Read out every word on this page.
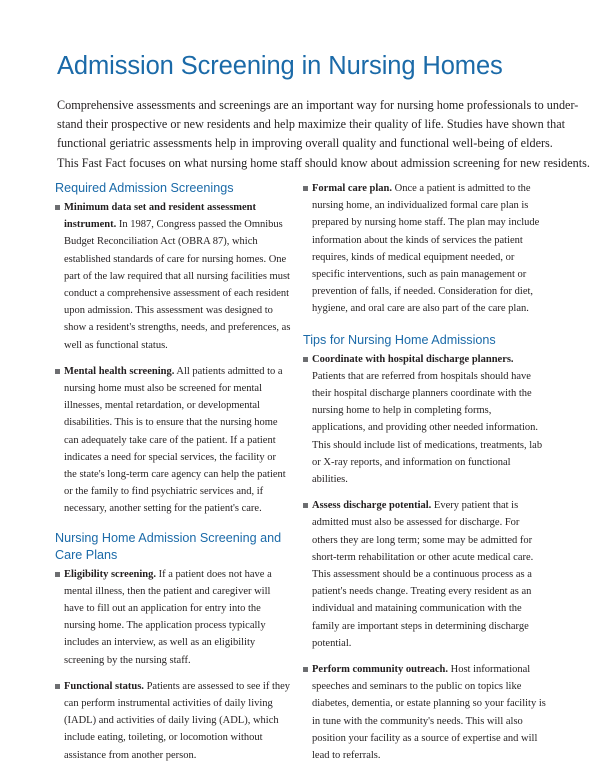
Admission Screening in Nursing Homes

Comprehensive assessments and screenings are an important way for nursing home professionals to under-
stand their prospective or new residents and help maximize their quality of life. Studies have shown that
functional geriatric assessments help in improving overall quality and functional well-being of elders.
This Fast Fact focuses on what nursing home staff should know about admission screening for new residents.

Required Admission Screenings

Minimum data set and resident assessment instrument. In 1987, Congress passed the Omnibus Budget Reconciliation Act (OBRA 87), which established standards of care for nursing homes. One part of the law required that all nursing facilities must conduct a comprehensive assessment of each resident upon admission. This assessment was designed to show a resident's strengths, needs, and preferences, as well as functional status.

Mental health screening. All patients admitted to a nursing home must also be screened for mental illnesses, mental retardation, or developmental disabilities. This is to ensure that the nursing home can adequately take care of the patient. If a patient indicates a need for special services, the facility or the state's long-term care agency can help the patient or the family to find psychiatric services and, if necessary, another setting for the patient's care.

Nursing Home Admission Screening and Care Plans

Eligibility screening. If a patient does not have a mental illness, then the patient and caregiver will have to fill out an application for entry into the nursing home. The application process typically includes an interview, as well as an eligibility screening by the nursing staff.

Functional status. Patients are assessed to see if they can perform instrumental activities of daily living (IADL) and activities of daily living (ADL), which include eating, toileting, or locomotion without assistance from another person.

Formal care plan. Once a patient is admitted to the nursing home, an individualized formal care plan is prepared by nursing home staff. The plan may include information about the kinds of services the patient requires, kinds of medical equipment needed, or specific interventions, such as pain management or prevention of falls, if needed. Consideration for diet, hygiene, and oral care are also part of the care plan.

Tips for Nursing Home Admissions

Coordinate with hospital discharge planners. Patients that are referred from hospitals should have their hospital discharge planners coordinate with the nursing home to help in completing forms, applications, and providing other needed information. This should include list of medications, treatments, lab or X-ray reports, and information on functional abilities.

Assess discharge potential. Every patient that is admitted must also be assessed for discharge. For others they are long term; some may be admitted for short-term rehabilitation or other acute medical care. This assessment should be a continuous process as a patient's needs change. Treating every resident as an individual and mataining communication with the family are important steps in determining discharge potential.

Perform community outreach. Host informational speeches and seminars to the public on topics like diabetes, dementia, or estate planning so your facility is in tune with the community's needs. This will also position your facility as a source of expertise and will lead to referrals.
